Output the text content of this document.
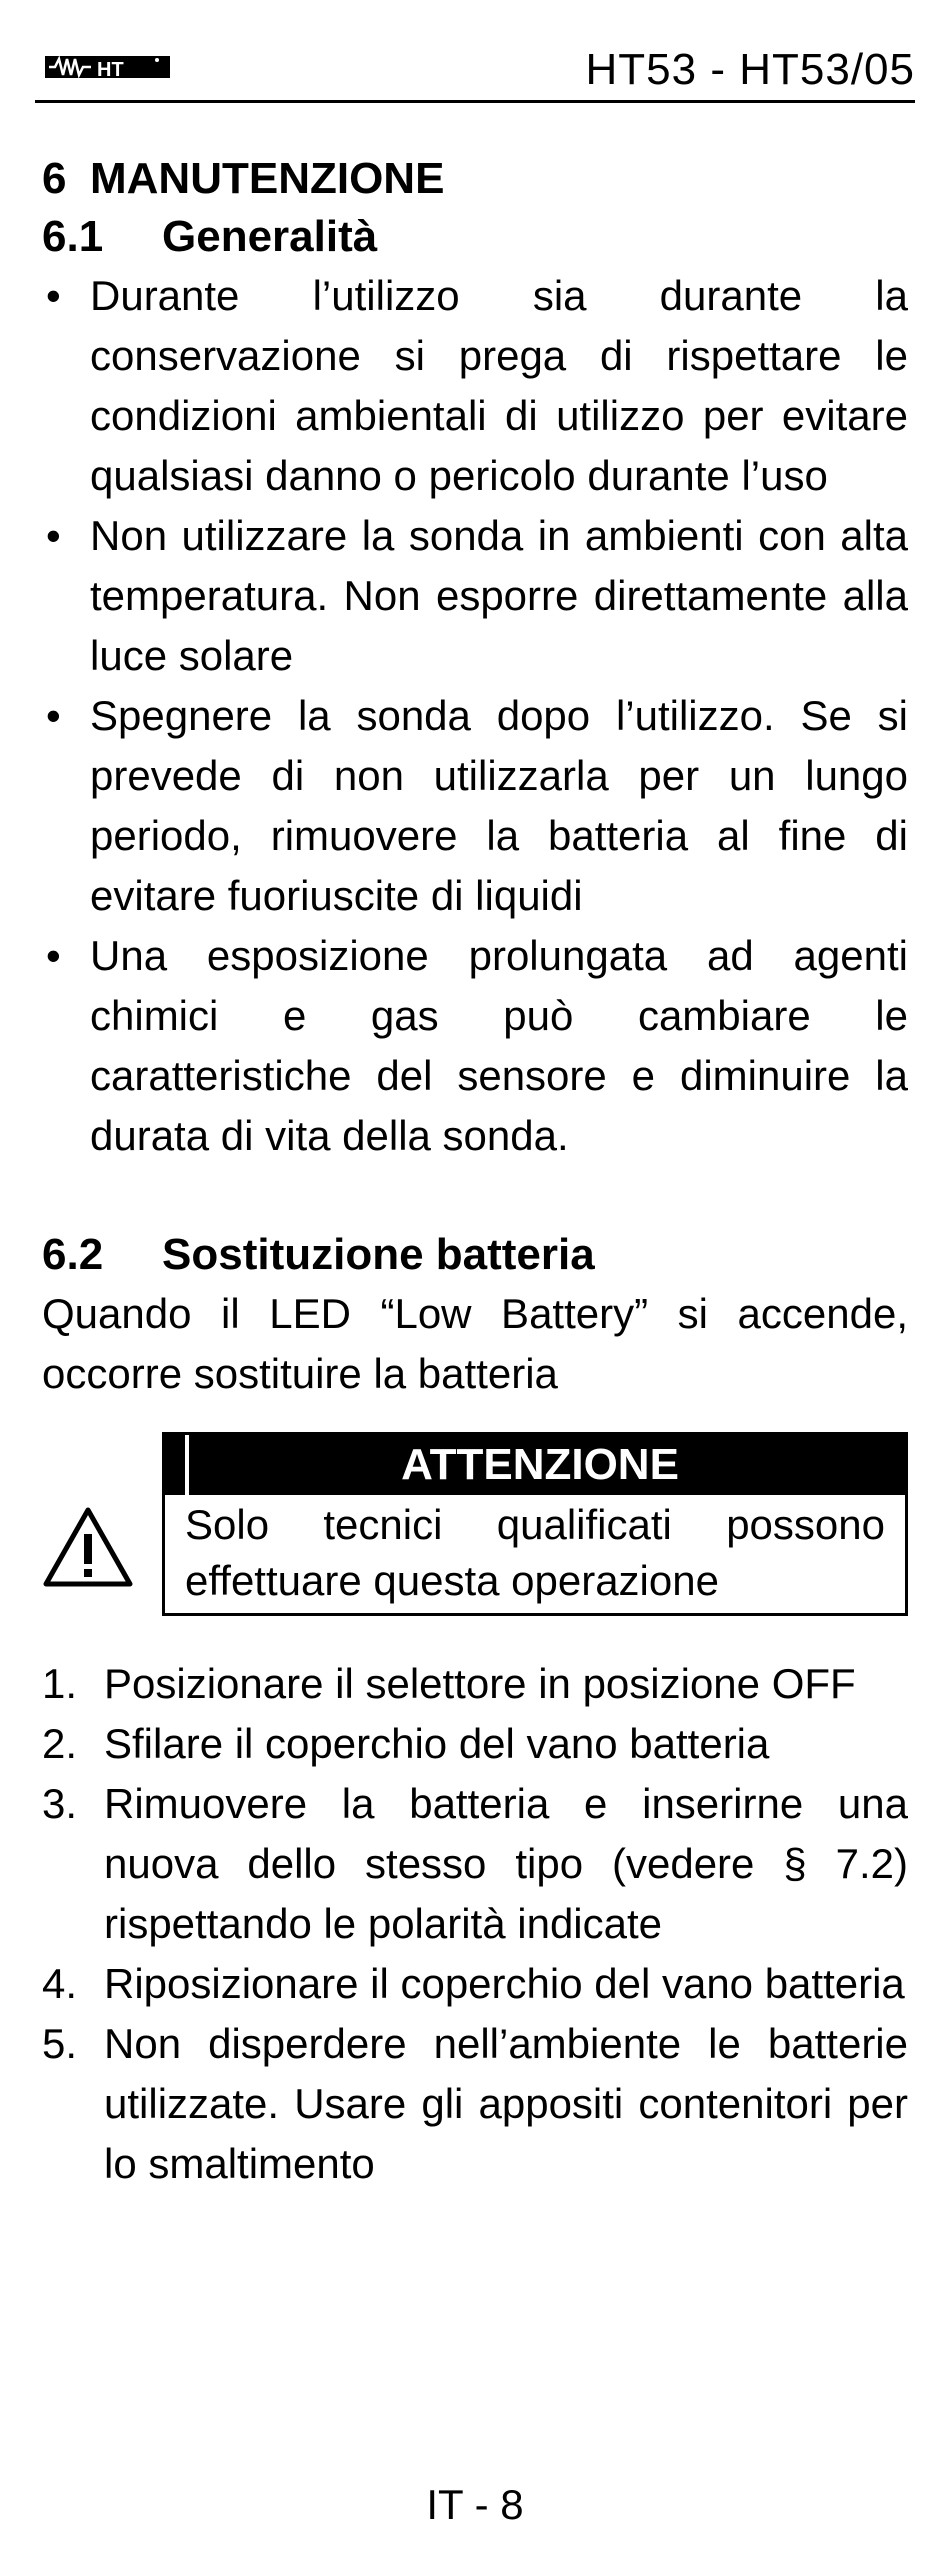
HT	HT53 - HT53/05
6 MANUTENZIONE
6.1 Generalità
• Durante l’utilizzo sia durante la conservazione si prega di rispettare le condizioni ambientali di utilizzo per evitare qualsiasi danno o pericolo durante l’uso
• Non utilizzare la sonda in ambienti con alta temperatura. Non esporre direttamente alla luce solare
• Spegnere la sonda dopo l’utilizzo. Se si prevede di non utilizzarla per un lungo periodo, rimuovere la batteria al fine di evitare fuoriuscite di liquidi
• Una esposizione prolungata ad agenti chimici e gas può cambiare le caratteristiche del sensore e diminuire la durata di vita della sonda.
6.2 Sostituzione batteria

Quando il LED “Low Battery” si accende, occorre sostituire la batteria

ATTENZIONE
Solo tecnici qualificati possono effettuare questa operazione
1. Posizionare il selettore in posizione OFF
2. Sfilare il coperchio del vano batteria
3. Rimuovere la batteria e inserirne una nuova dello stesso tipo (vedere § 7.2) rispettando le polarità indicate
4. Riposizionare il coperchio del vano batteria
5. Non disperdere nell’ambiente le batterie utilizzate. Usare gli appositi contenitori per lo smaltimento
IT - 8
